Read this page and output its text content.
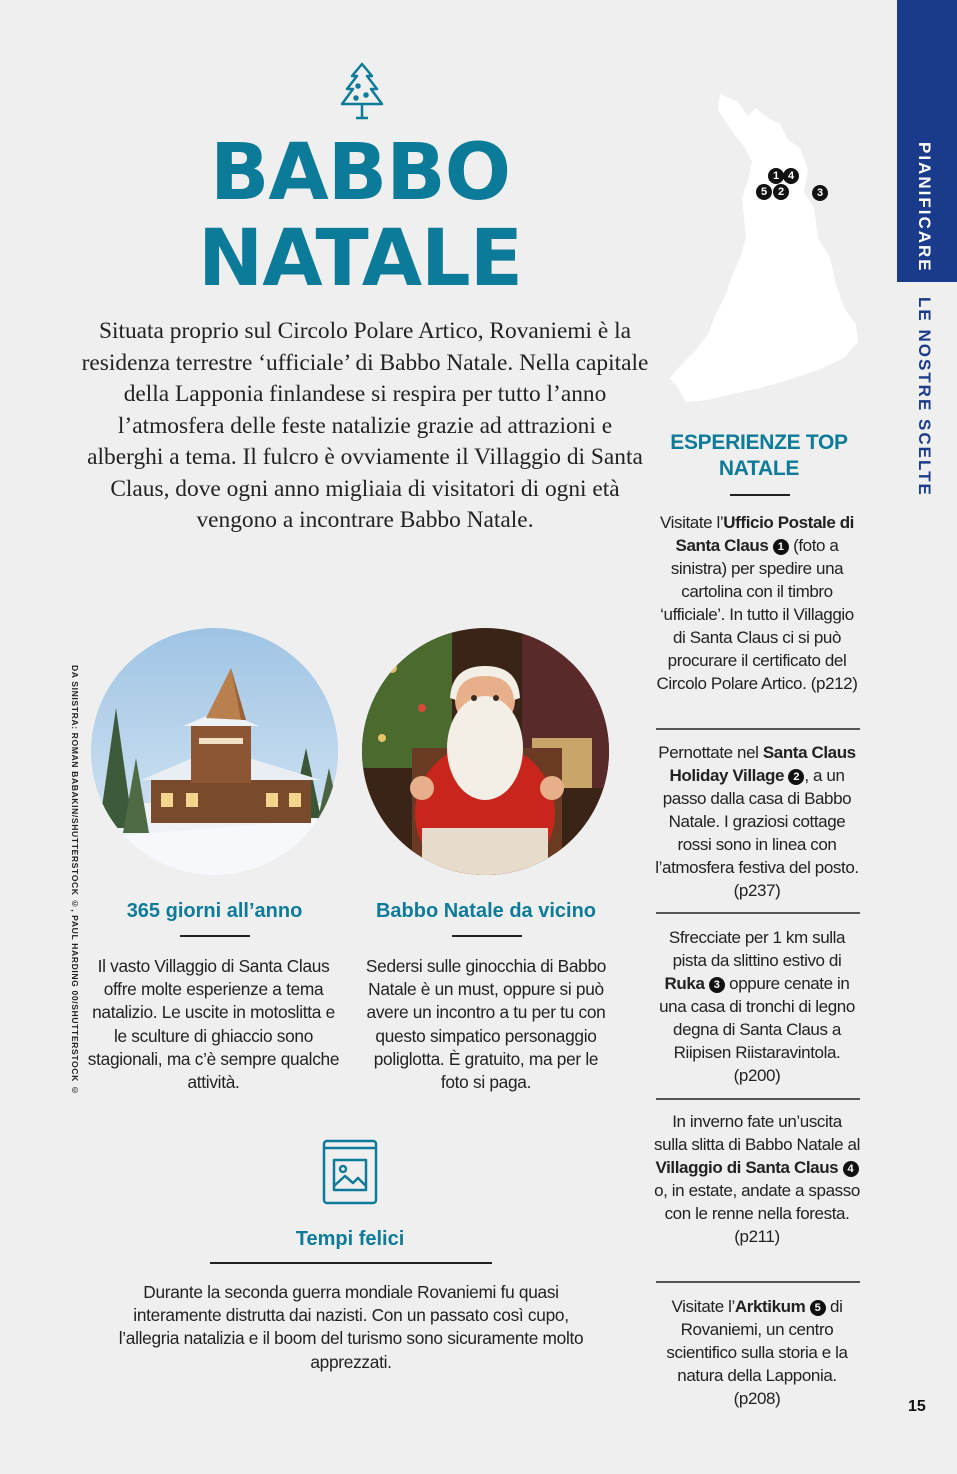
PIANIFICARE
LE NOSTRE SCELTE
BABBO
NATALE
Situata proprio sul Circolo Polare Artico, Rovaniemi è la residenza terrestre ‘ufficiale’ di Babbo Natale. Nella capitale della Lapponia finlandese si respira per tutto l’anno l’atmosfera delle feste natalizie grazie ad attrazioni e alberghi a tema. Il fulcro è ovviamente il Villaggio di Santa Claus, dove ogni anno migliaia di visitatori di ogni età vengono a incontrare Babbo Natale.
DA SINISTRA: ROMAN BABAKIN/SHUTTERSTOCK ©, PAUL HARDING 00/SHUTTERSTOCK ©	365 giorni all’anno
Il vasto Villaggio di Santa Claus offre molte esperienze a tema natalizio. Le uscite in motoslitta e le sculture di ghiaccio sono stagionali, ma c’è sempre qualche attività.
Babbo Natale da vicino
Sedersi sulle ginocchia di Babbo Natale è un must, oppure si può avere un incontro a tu per tu con questo simpatico personaggio poliglotta. È gratuito, ma per le foto si paga.
Tempi felici
Durante la seconda guerra mondiale Rovaniemi fu quasi interamente distrutta dai nazisti. Con un passato così cupo, l’allegria natalizia e il boom del turismo sono sicuramente molto apprezzati.
1 4
5 2	3
ESPERIENZE TOP
NATALE
Visitate l’Ufficio Postale di Santa Claus 1 (foto a sinistra) per spedire una cartolina con il timbro ‘ufficiale’. In tutto il Villaggio di Santa Claus ci si può procurare il certificato del Circolo Polare Artico. (p212)
Pernottate nel Santa Claus Holiday Village 2 , a un passo dalla casa di Babbo Natale. I graziosi cottage rossi sono in linea con l’atmosfera festiva del posto. (p237)
Sfrecciate per 1 km sulla pista da slittino estivo di Ruka 3 oppure cenate in una casa di tronchi di legno degna di Santa Claus a Riipisen Riistaravintola. (p200)
In inverno fate un’uscita sulla slitta di Babbo Natale al Villaggio di Santa Claus 4 o, in estate, andate a spasso con le renne nella foresta. (p211)
Visitate l’Arktikum 5 di Rovaniemi, un centro scientifico sulla storia e la natura della Lapponia. (p208)	15
